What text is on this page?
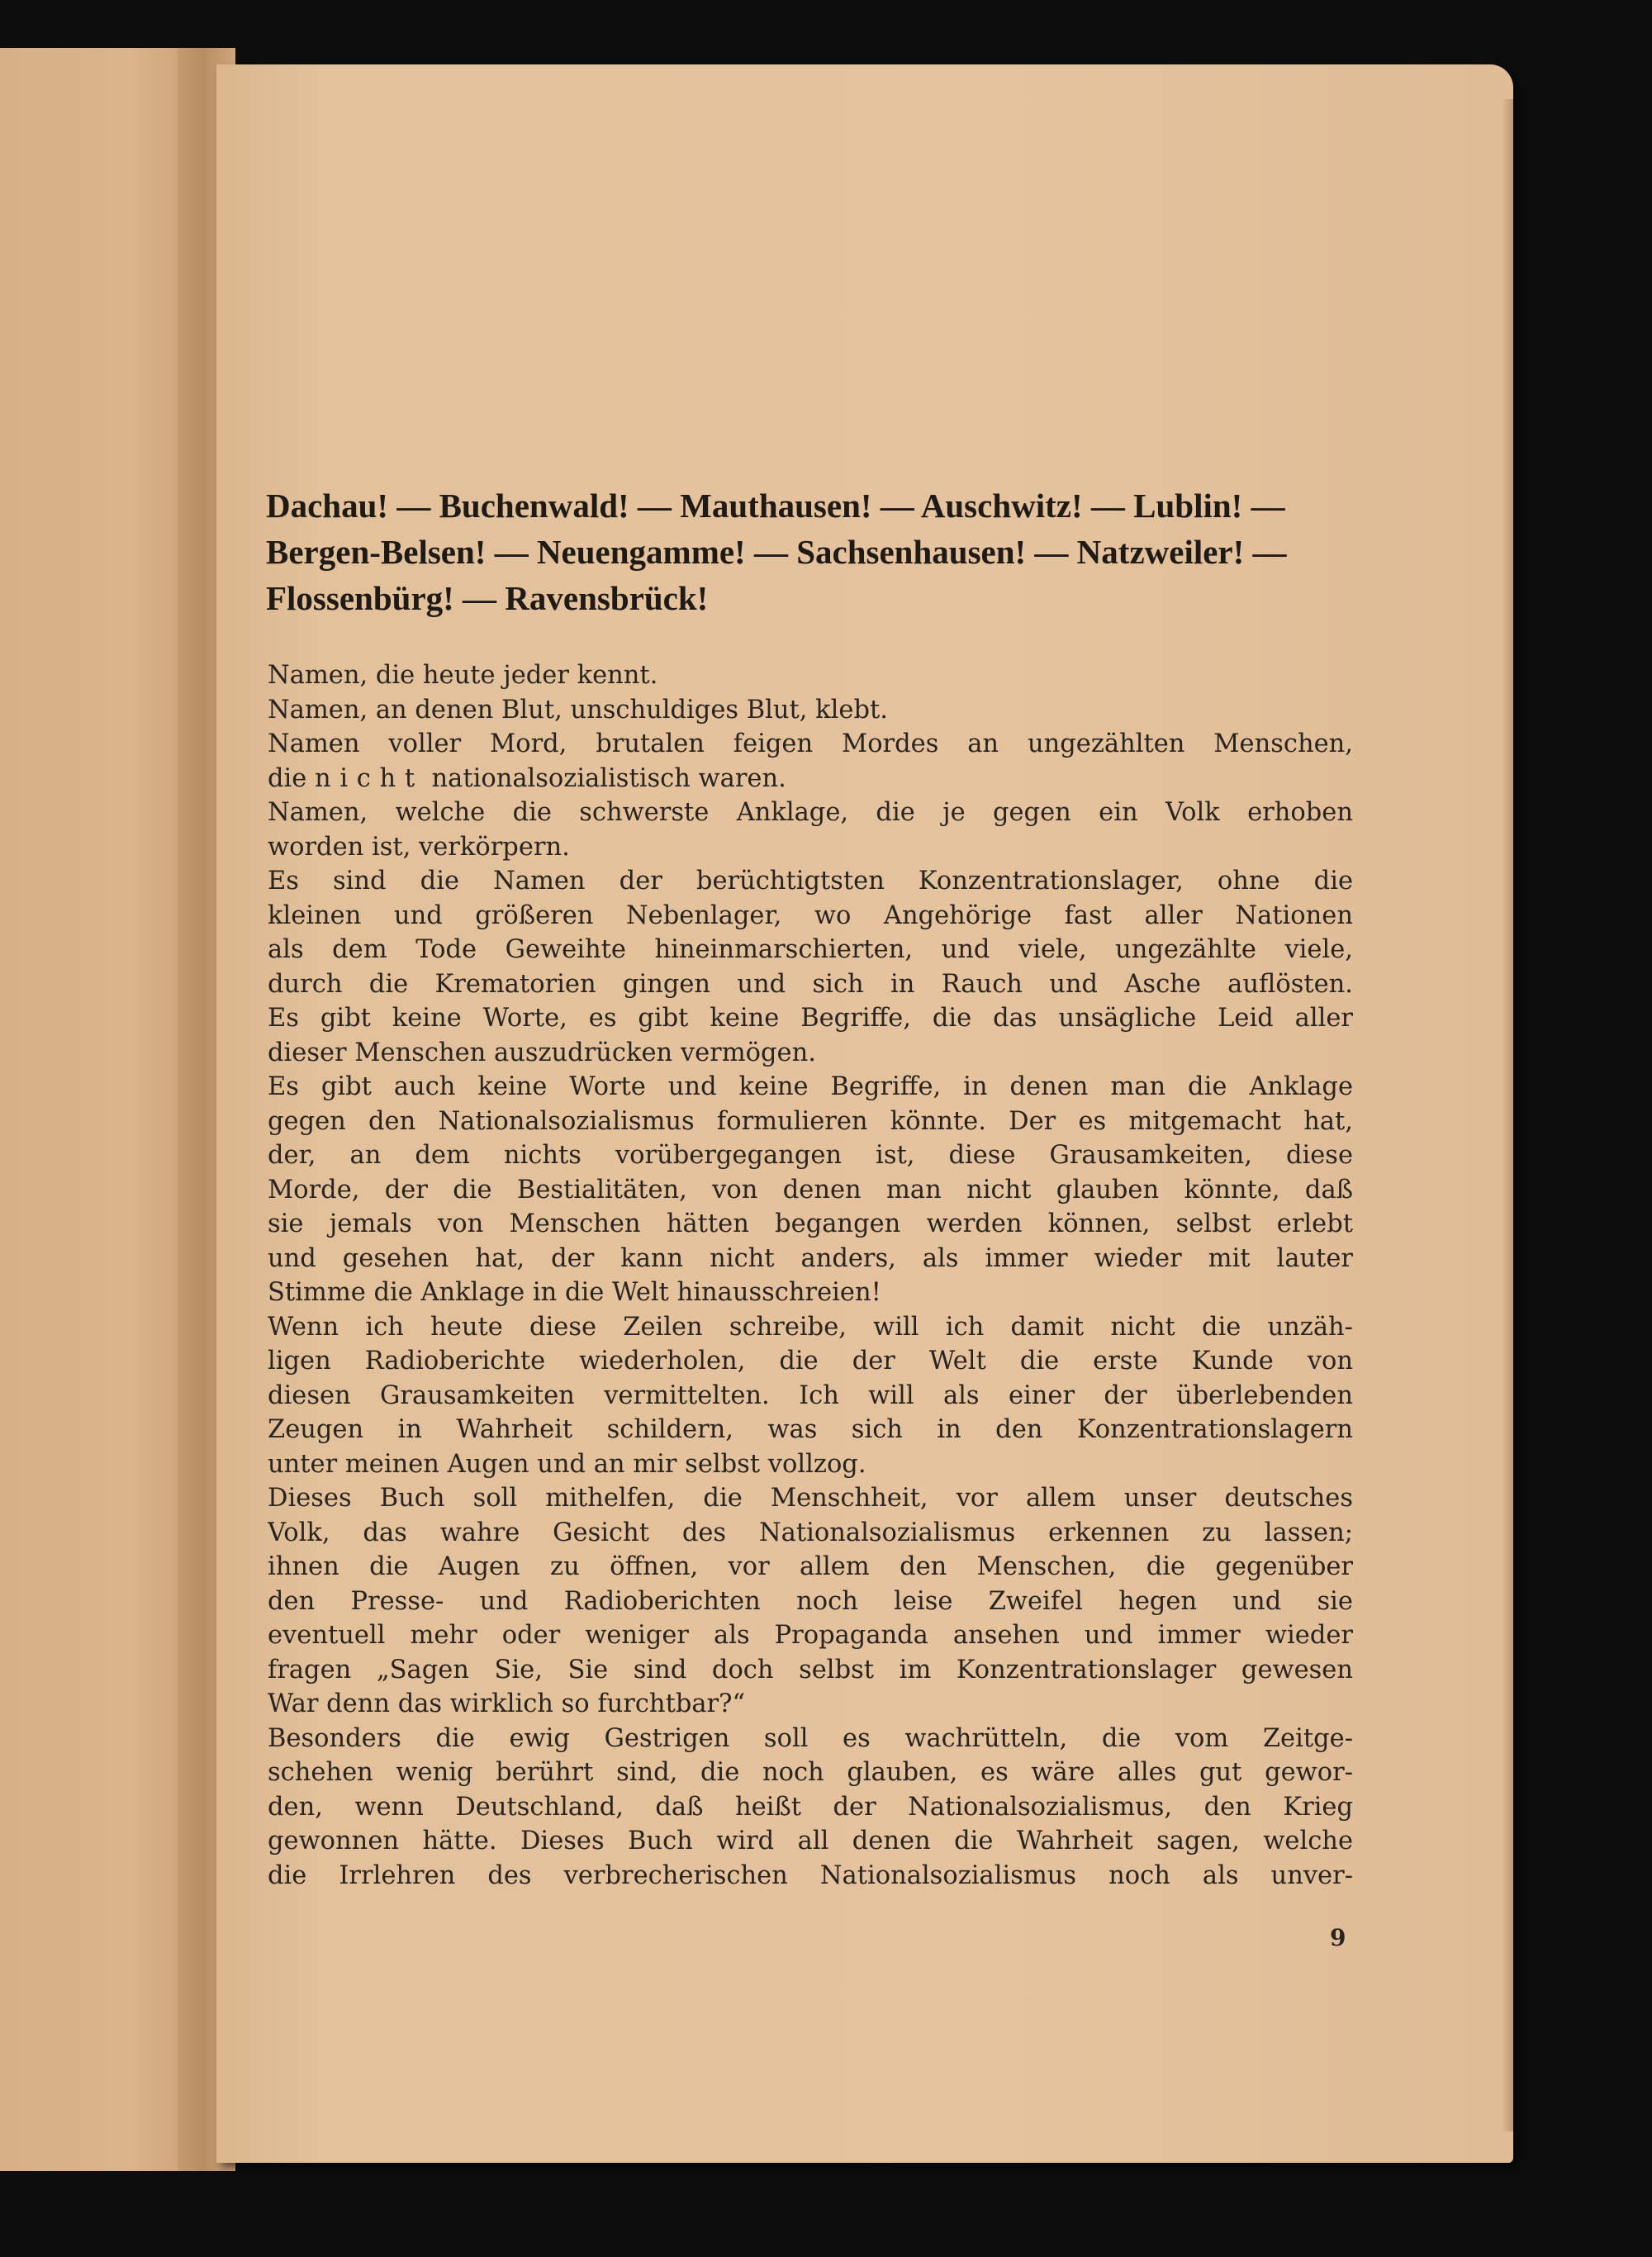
Dachau! — Buchenwald! — Mauthausen! — Auschwitz! — Lublin! —
Bergen-Belsen! — Neuengamme! — Sachsenhausen! — Natzweiler! —
Flossenbürg! — Ravensbrück!
Namen, die heute jeder kennt.
Namen, an denen Blut, unschuldiges Blut, klebt.
Namen voller Mord, brutalen feigen Mordes an ungezählten Menschen,
die nicht nationalsozialistisch waren.
Namen, welche die schwerste Anklage, die je gegen ein Volk erhoben
worden ist, verkörpern.
Es sind die Namen der berüchtigtsten Konzentrationslager, ohne die
kleinen und größeren Nebenlager, wo Angehörige fast aller Nationen
als dem Tode Geweihte hineinmarschierten, und viele, ungezählte viele,
durch die Krematorien gingen und sich in Rauch und Asche auflösten.
Es gibt keine Worte, es gibt keine Begriffe, die das unsägliche Leid aller
dieser Menschen auszudrücken vermögen.
Es gibt auch keine Worte und keine Begriffe, in denen man die Anklage
gegen den Nationalsozialismus formulieren könnte. Der es mitgemacht hat,
der, an dem nichts vorübergegangen ist, diese Grausamkeiten, diese
Morde, der die Bestialitäten, von denen man nicht glauben könnte, daß
sie jemals von Menschen hätten begangen werden können, selbst erlebt
und gesehen hat, der kann nicht anders, als immer wieder mit lauter
Stimme die Anklage in die Welt hinausschreien!
Wenn ich heute diese Zeilen schreibe, will ich damit nicht die unzäh-
ligen Radioberichte wiederholen, die der Welt die erste Kunde von
diesen Grausamkeiten vermittelten. Ich will als einer der überlebenden
Zeugen in Wahrheit schildern, was sich in den Konzentrationslagern
unter meinen Augen und an mir selbst vollzog.
Dieses Buch soll mithelfen, die Menschheit, vor allem unser deutsches
Volk, das wahre Gesicht des Nationalsozialismus erkennen zu lassen;
ihnen die Augen zu öffnen, vor allem den Menschen, die gegenüber
den Presse- und Radioberichten noch leise Zweifel hegen und sie
eventuell mehr oder weniger als Propaganda ansehen und immer wieder
fragen „Sagen Sie, Sie sind doch selbst im Konzentrationslager gewesen
War denn das wirklich so furchtbar?“
Besonders die ewig Gestrigen soll es wachrütteln, die vom Zeitge-
schehen wenig berührt sind, die noch glauben, es wäre alles gut gewor-
den, wenn Deutschland, daß heißt der Nationalsozialismus, den Krieg
gewonnen hätte. Dieses Buch wird all denen die Wahrheit sagen, welche
die Irrlehren des verbrecherischen Nationalsozialismus noch als unver-
9
